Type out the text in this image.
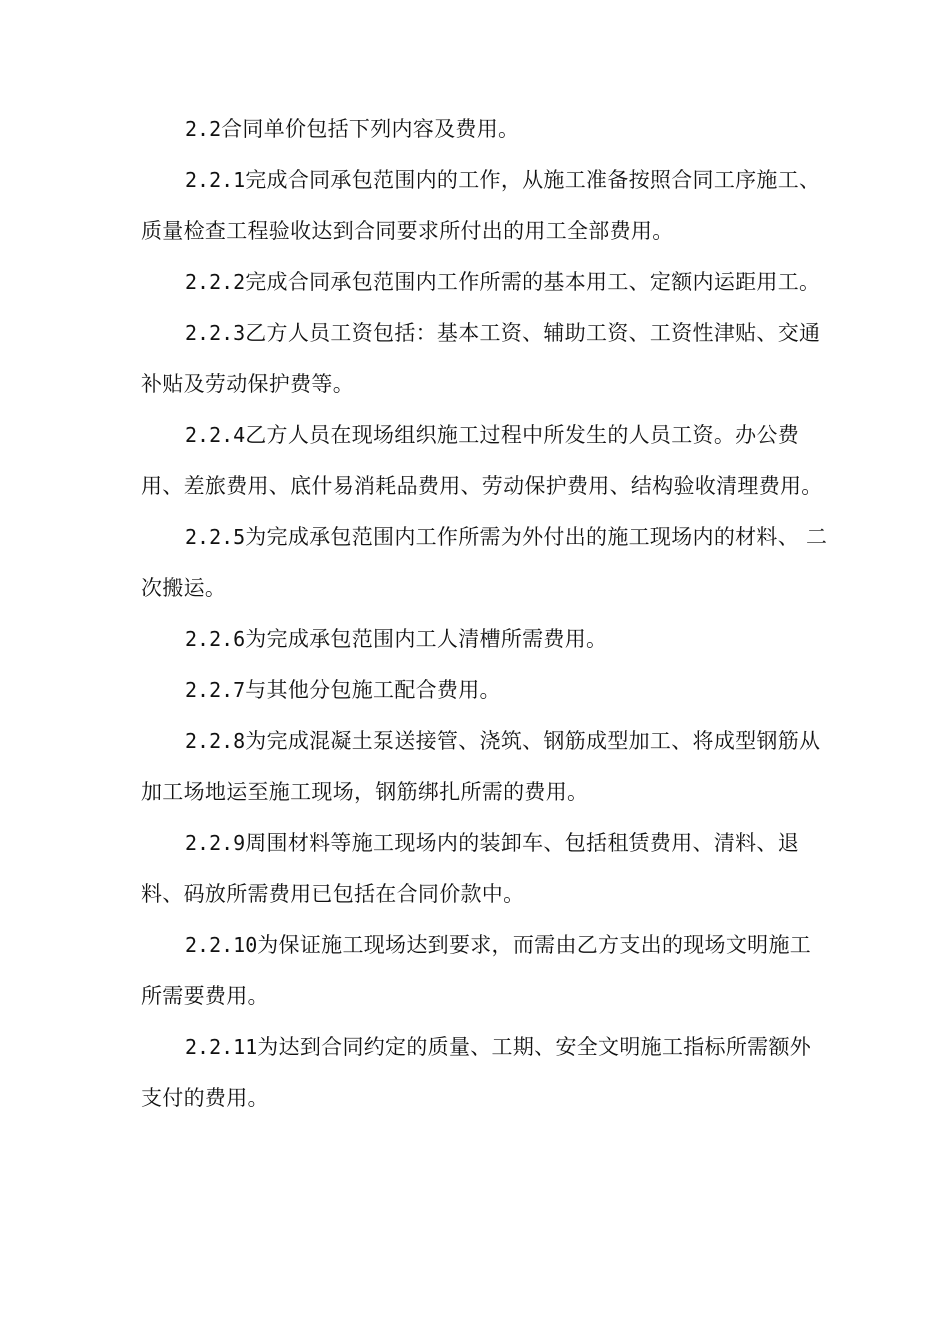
2.2合同单价包括下列内容及费用。

2.2.1完成合同承包范围内的工作，从施工准备按照合同工序施工、质量检查工程验收达到合同要求所付出的用工全部费用。

2.2.2完成合同承包范围内工作所需的基本用工、定额内运距用工。

2.2.3乙方人员工资包括：基本工资、辅助工资、工资性津贴、交通补贴及劳动保护费等。

2.2.4乙方人员在现场组织施工过程中所发生的人员工资。办公费用、差旅费用、底什易消耗品费用、劳动保护费用、结构验收清理费用。

2.2.5为完成承包范围内工作所需为外付出的施工现场内的材料、 二次搬运。

2.2.6为完成承包范围内工人清槽所需费用。

2.2.7与其他分包施工配合费用。

2.2.8为完成混凝土泵送接管、浇筑、钢筋成型加工、将成型钢筋从加工场地运至施工现场，钢筋绑扎所需的费用。

2.2.9周围材料等施工现场内的装卸车、包括租赁费用、清料、退料、码放所需费用已包括在合同价款中。

2.2.10为保证施工现场达到要求，而需由乙方支出的现场文明施工所需要费用。

2.2.11为达到合同约定的质量、工期、安全文明施工指标所需额外支付的费用。
